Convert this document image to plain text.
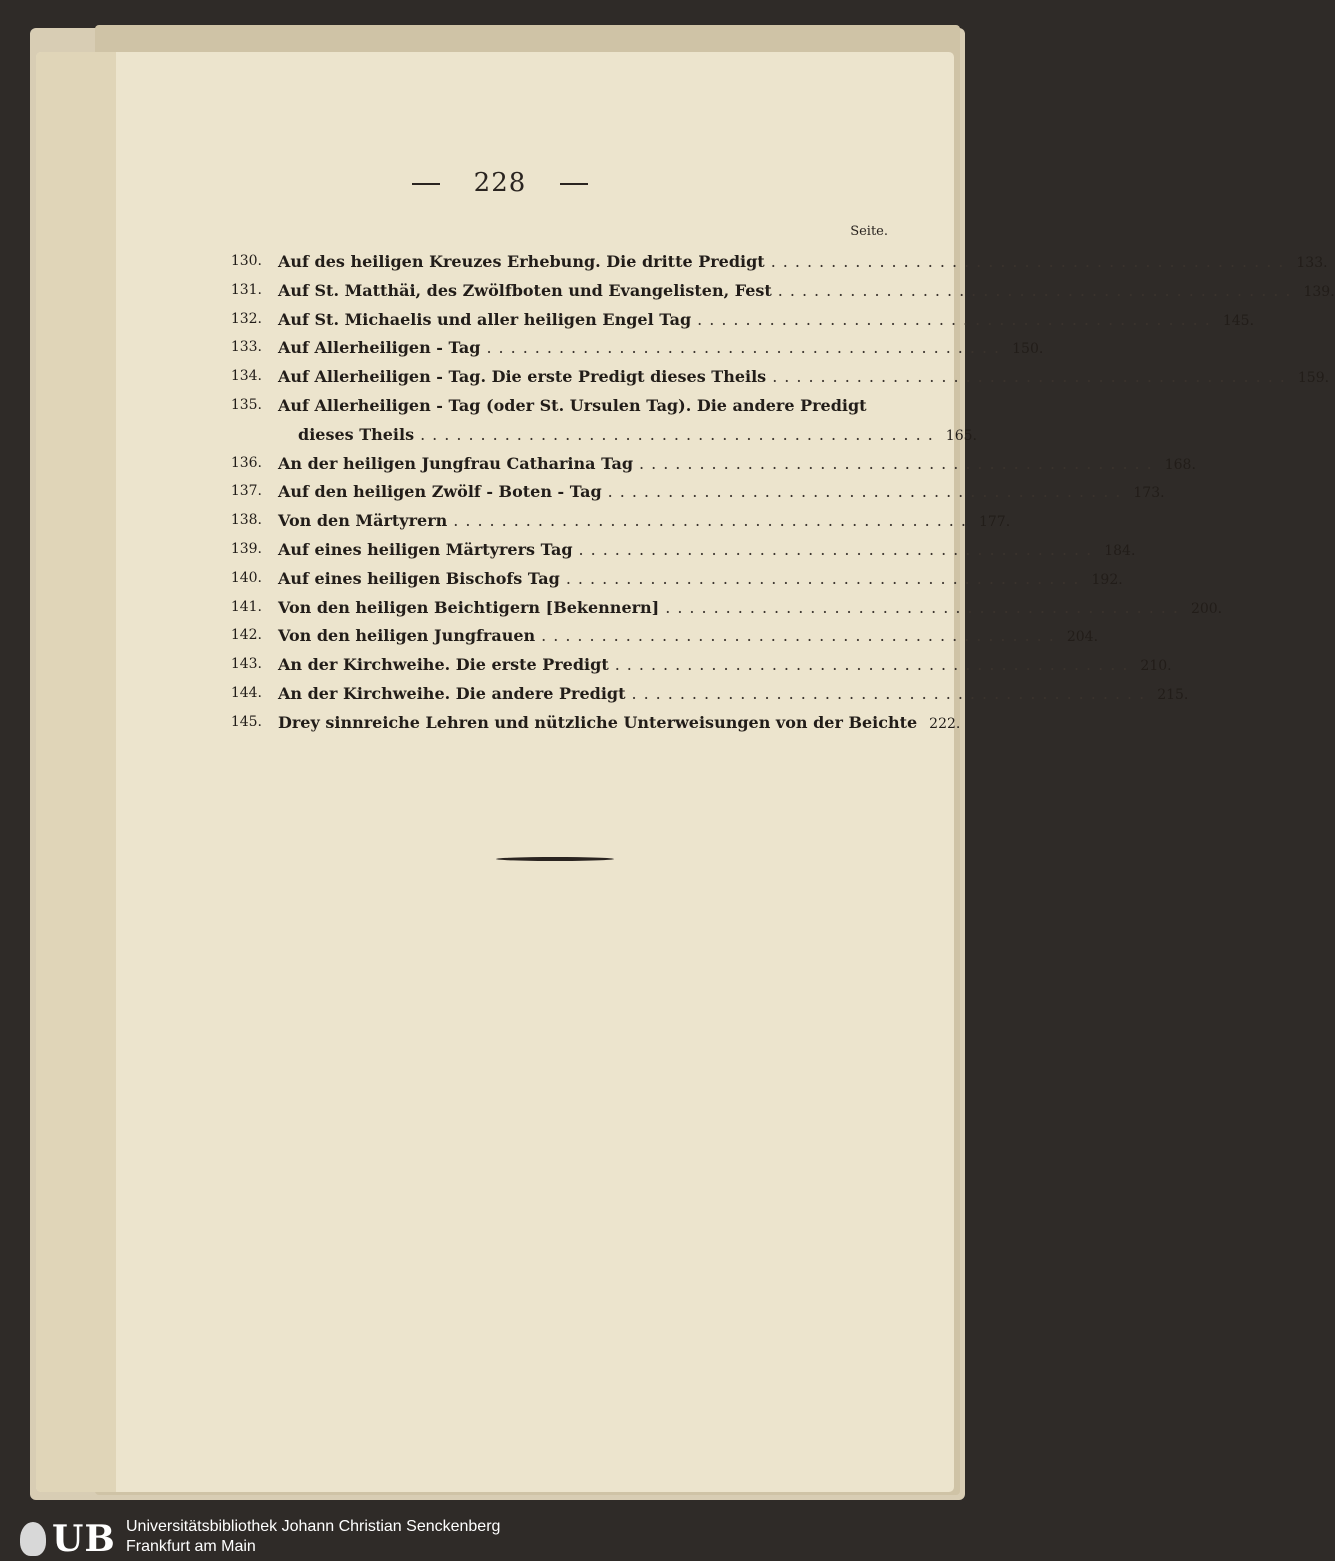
228
Seite.
130. Auf des heiligen Kreuzes Erhebung. Die dritte Predigt ........................................... 133.
131. Auf St. Matthäi, des Zwölfboten und Evangelisten, Fest ........................................... 139.
132. Auf St. Michaelis und aller heiligen Engel Tag ........................................... 145.
133. Auf Allerheiligen - Tag ........................................... 150.
134. Auf Allerheiligen - Tag. Die erste Predigt dieses Theils ........................................... 159.
135. Auf Allerheiligen - Tag (oder St. Ursulen Tag). Die andere Predigt
dieses Theils ........................................... 165.
136. An der heiligen Jungfrau Catharina Tag ........................................... 168.
137. Auf den heiligen Zwölf - Boten - Tag ........................................... 173.
138. Von den Märtyrern ........................................... 177.
139. Auf eines heiligen Märtyrers Tag ........................................... 184.
140. Auf eines heiligen Bischofs Tag ........................................... 192.
141. Von den heiligen Beichtigern [Bekennern] ........................................... 200.
142. Von den heiligen Jungfrauen ........................................... 204.
143. An der Kirchweihe. Die erste Predigt ........................................... 210.
144. An der Kirchweihe. Die andere Predigt ........................................... 215.
145. Drey sinnreiche Lehren und nützliche Unterweisungen von der Beichte 222.
UB Universitätsbibliothek Johann Christian Senckenberg
Frankfurt am Main
